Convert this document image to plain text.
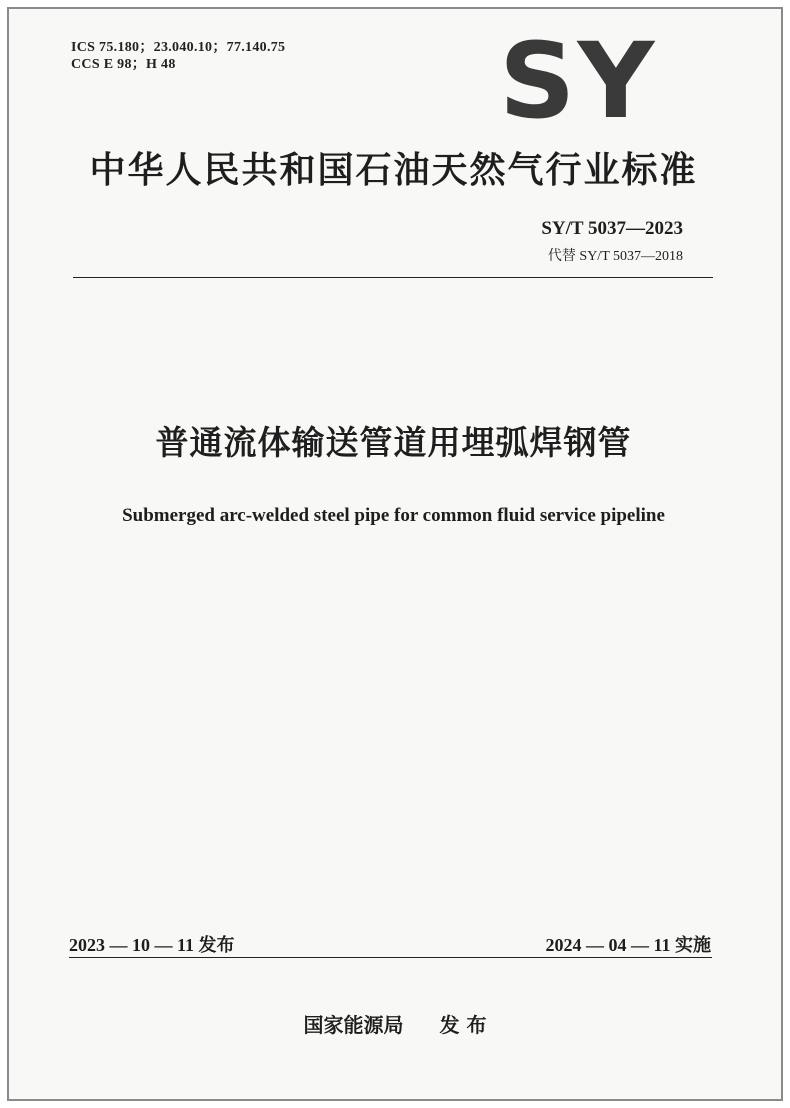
ICS 75.180；23.040.10；77.140.75
CCS E 98；H 48	SY
中华人民共和国石油天然气行业标准
SY/T 5037—2023
代替 SY/T 5037—2018
普通流体输送管道用埋弧焊钢管
Submerged arc-welded steel pipe for common fluid service pipeline
2023 — 10 — 11 发布	2024 — 04 — 11 实施
国家能源局 发 布
